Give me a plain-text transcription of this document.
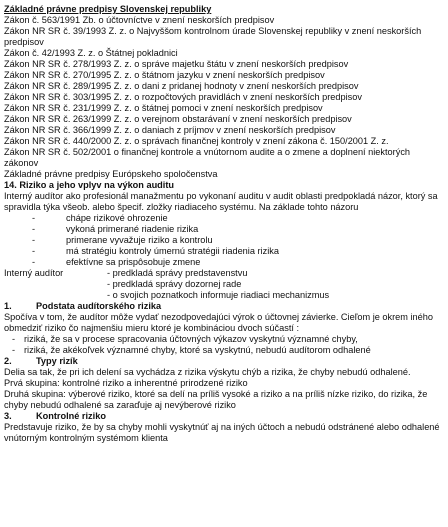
Základné právne predpisy Slovenskej republiky
Zákon č. 563/1991 Zb. o účtovníctve v znení neskorších predpisov
Zákon NR SR č. 39/1993 Z. z. o Najvyššom kontrolnom úrade Slovenskej republiky v znení neskorších predpisov
Zákon č. 42/1993 Z. z. o Štátnej pokladnici
Zákon NR SR č. 278/1993 Z. z. o správe majetku štátu v znení neskorších predpisov
Zákon NR SR č. 270/1995 Z. z. o štátnom jazyku v znení neskorších predpisov
Zákon NR SR č. 289/1995 Z. z. o dani z pridanej hodnoty v znení neskorších predpisov
Zákon NR SR č. 303/1995 Z. z. o rozpočtových pravidlách v znení neskorších predpisov
Zákon NR SR č. 231/1999 Z. z. o štátnej pomoci v znení neskorších predpisov
Zákon NR SR č. 263/1999 Z. z. o verejnom obstarávaní v znení neskorších predpisov
Zákon NR SR č. 366/1999 Z. z. o daniach z príjmov v znení neskorších predpisov
Zákon NR SR č. 440/2000 Z. z. o správach finančnej kontroly v znení zákona č. 150/2001 Z. z.
Zákon NR SR č. 502/2001 o finančnej kontrole a vnútornom audite a o zmene a doplnení niektorých zákonov
Základné právne predpisy Európskeho spoločenstva
14. Riziko a jeho vplyv na výkon auditu
Interný audítor ako profesionál manažmentu po vykonaní auditu v audit oblasti predpokladá názor, ktorý sa spravidla týka všeob. alebo špecif. zložky riadiaceho systému. Na základe tohto názoru
- chápe rizikové ohrozenie
- vykoná primerané riadenie rizika
- primerane vyvažuje riziko a kontrolu
- má stratégiu kontroly úmernú stratégii riadenia rizika
- efektívne sa prispôsobuje zmene
Interný audítor	- predkladá správy predstavenstvu
- predkladá správy dozornej rade
- o svojich poznatkoch informuje riadiaci mechanizmus
1.	Podstata audítorského rizika
Spočíva v tom, že audítor môže vydať nezodpovedajúci výrok o účtovnej závierke. Cieľom je okrem iného obmedziť riziko čo najmenšiu mieru ktoré je kombináciou dvoch súčastí :
- riziká, že sa v procese spracovania účtovných výkazov vyskytnú významné chyby,
- riziká, že akékoľvek významné chyby, ktoré sa vyskytnú, nebudú audítorom odhalené
2.	Typy rizík
Delia sa tak, že pri ich delení sa vychádza z rizika výskytu chýb a rizika, že chyby nebudú odhalené.
Prvá skupina: kontrolné riziko a inherentné prirodzené riziko
Druhá skupina: výberové riziko, ktoré sa delí na príliš vysoké a riziko a na príliš nízke riziko, do rizika, že chyby nebudú odhalené sa zaraďuje aj nevýberové riziko
3.	Kontrolné riziko
Predstavuje riziko, že by sa chyby mohli vyskytnúť aj na iných účtoch a nebudú odstránené alebo odhalené vnútorným kontrolným systémom klienta
